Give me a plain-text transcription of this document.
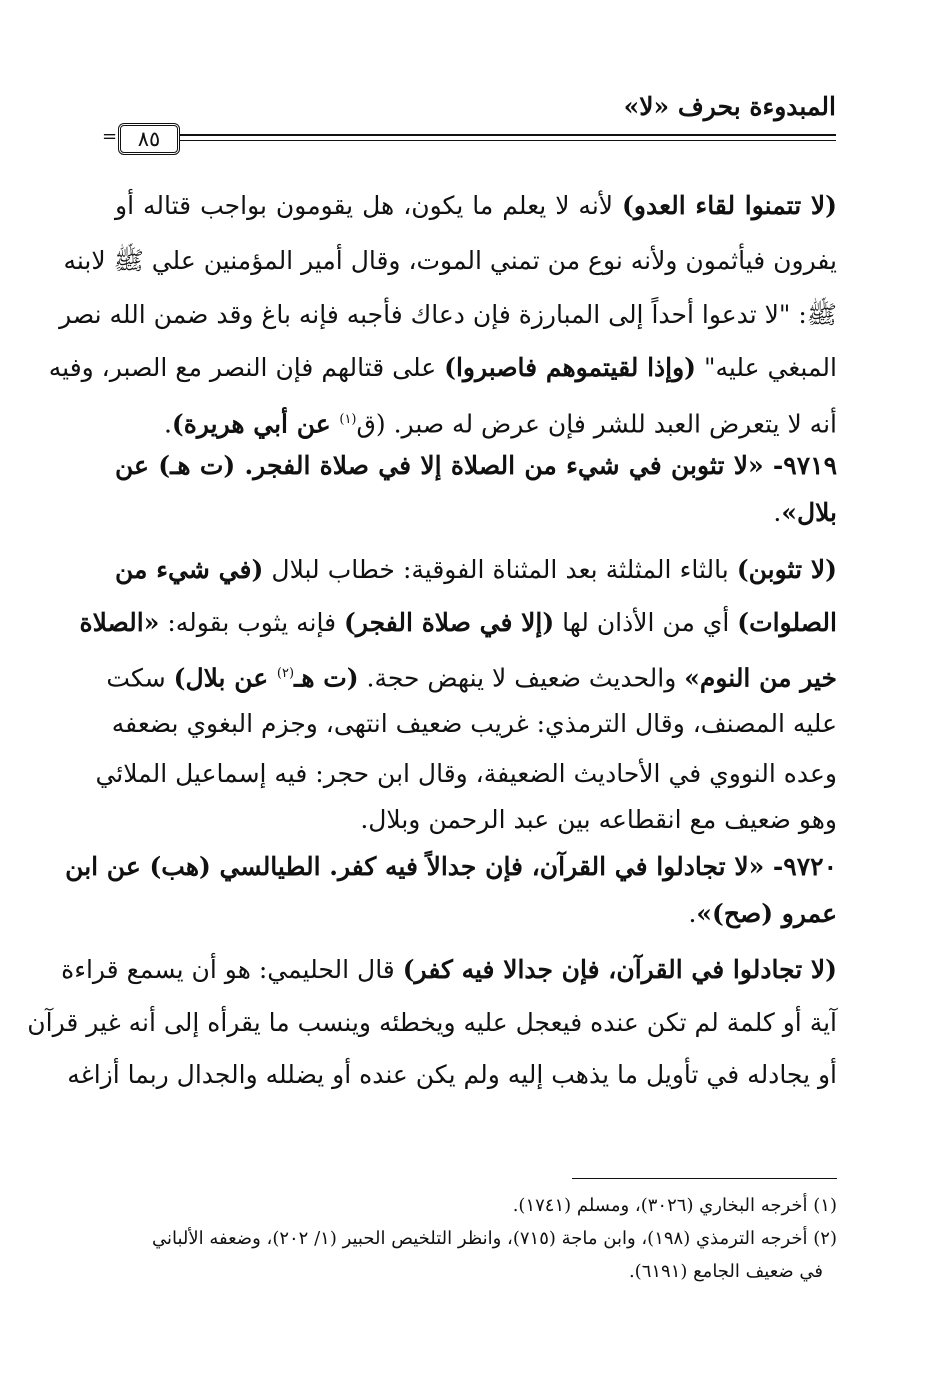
المبدوءة بحرف «لا»
٨٥
=
(لا تتمنوا لقاء العدو) لأنه لا يعلم ما يكون، هل يقومون بواجب قتاله أو
يفرون فيأثمون ولأنه نوع من تمني الموت، وقال أمير المؤمنين علي ﷺ لابنه
ﷺ: "لا تدعوا أحداً إلى المبارزة فإن دعاك فأجبه فإنه باغ وقد ضمن الله نصر
المبغي عليه" (وإذا لقيتموهم فاصبروا) على قتالهم فإن النصر مع الصبر، وفيه
أنه لا يتعرض العبد للشر فإن عرض له صبر. (ق$^{(١)}$ عن أبي هريرة).
٩٧١٩- «لا تثوبن في شيء من الصلاة إلا في صلاة الفجر. (ت هـ) عن
بلال».
(لا تثوبن) بالثاء المثلثة بعد المثناة الفوقية: خطاب لبلال (في شيء من
الصلوات) أي من الأذان لها (إلا في صلاة الفجر) فإنه يثوب بقوله: «الصلاة
خير من النوم» والحديث ضعيف لا ينهض حجة. (ت هـ$^{(٢)}$ عن بلال) سكت
عليه المصنف، وقال الترمذي: غريب ضعيف انتهى، وجزم البغوي بضعفه
وعده النووي في الأحاديث الضعيفة، وقال ابن حجر: فيه إسماعيل الملائي
وهو ضعيف مع انقطاعه بين عبد الرحمن وبلال.
٩٧٢٠- «لا تجادلوا في القرآن، فإن جدالاً فيه كفر. الطيالسي (هب) عن ابن
عمرو (صح)».
(لا تجادلوا في القرآن، فإن جدالا فيه كفر) قال الحليمي: هو أن يسمع قراءة
آية أو كلمة لم تكن عنده فيعجل عليه ويخطئه وينسب ما يقرأه إلى أنه غير قرآن
أو يجادله في تأويل ما يذهب إليه ولم يكن عنده أو يضلله والجدال ربما أزاغه
(١) أخرجه البخاري (٣٠٢٦)، ومسلم (١٧٤١).
(٢) أخرجه الترمذي (١٩٨)، وابن ماجة (٧١٥)، وانظر التلخيص الحبير (١/ ٢٠٢)، وضعفه الألباني
في ضعيف الجامع (٦١٩١).
